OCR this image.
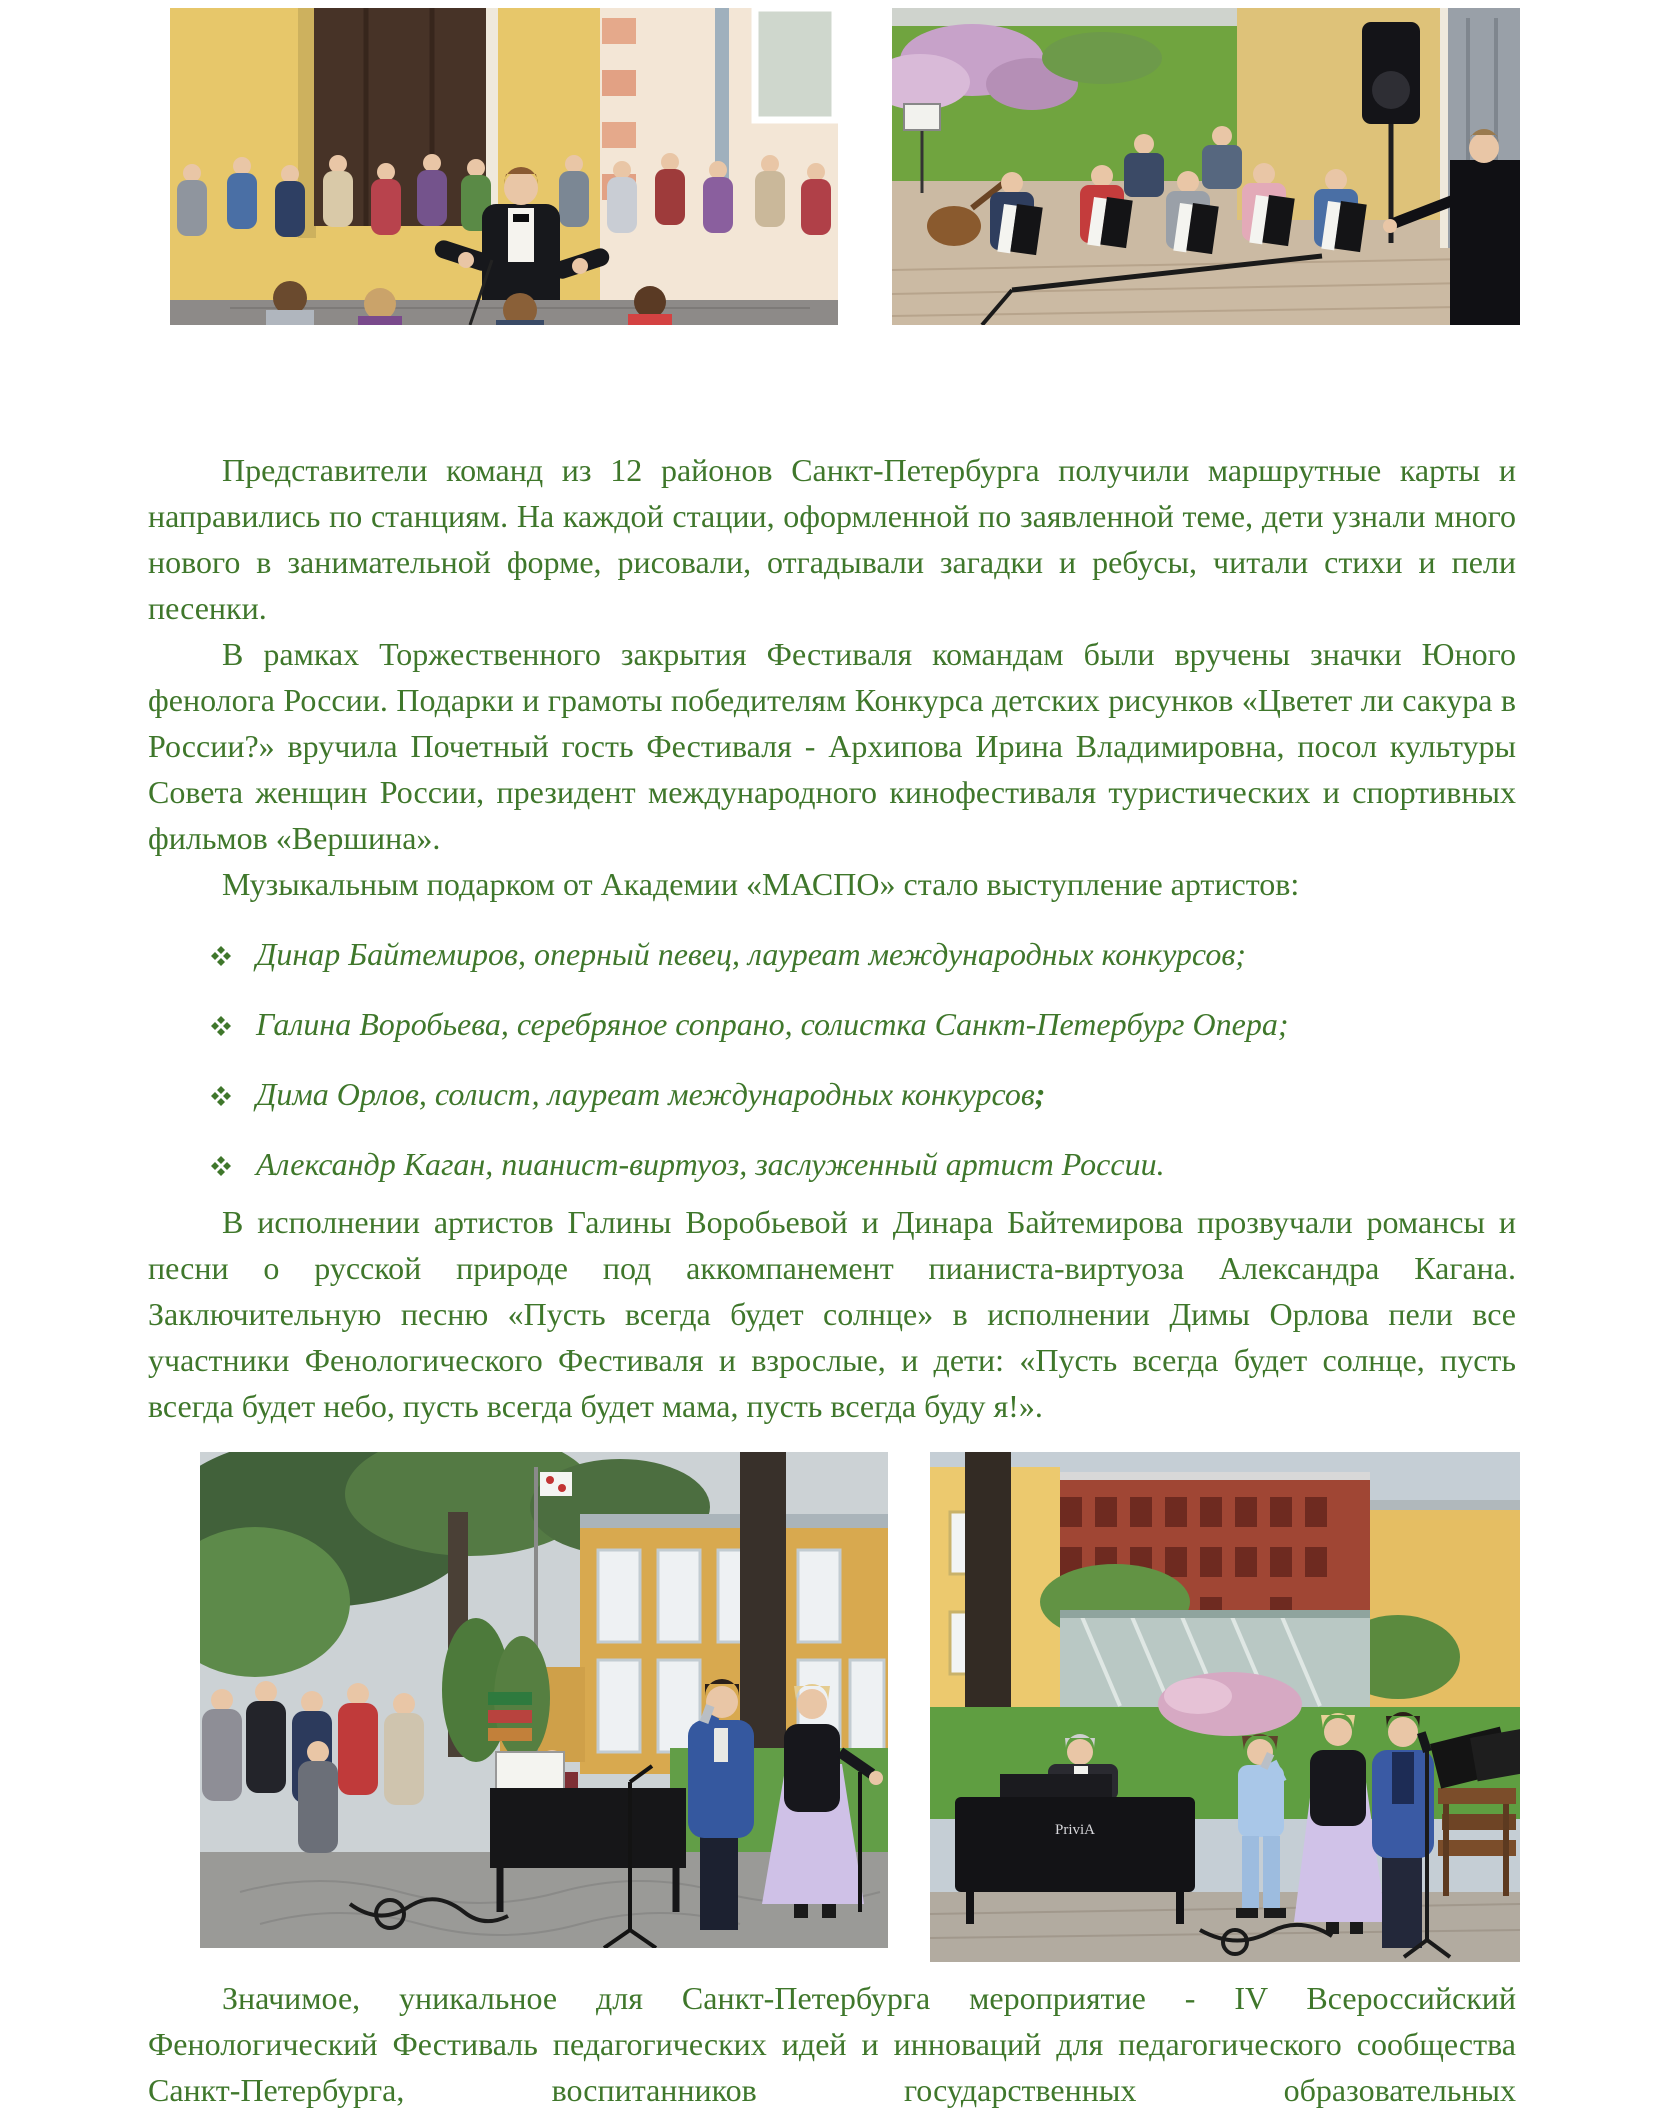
Представители команд из 12 районов Санкт-Петербурга получили маршрутные карты и направились по станциям. На каждой стации, оформленной по заявленной теме, дети узнали много нового в занимательной форме, рисовали, отгадывали загадки и ребусы, читали стихи и пели песенки.

В рамках Торжественного закрытия Фестиваля командам были вручены значки Юного фенолога России. Подарки и грамоты победителям Конкурса детских рисунков «Цветет ли сакура в России?» вручила Почетный гость Фестиваля - Архипова Ирина Владимировна, посол культуры Совета женщин России, президент международного кинофестиваля туристических и спортивных фильмов «Вершина».

Музыкальным подарком от Академии «МАСПО» стало выступление артистов:

Динар Байтемиров, оперный певец, лауреат международных конкурсов;
Галина Воробьева, серебряное сопрано, солистка Санкт-Петербург Опера;
Дима Орлов, солист, лауреат международных конкурсов ;
Александр Каган, пианист-виртуоз, заслуженный артист России.

В исполнении артистов Галины Воробьевой и Динара Байтемирова прозвучали романсы и песни о русской природе под аккомпанемент пианиста-виртуоза Александра Кагана. Заключительную песню «Пусть всегда будет солнце» в исполнении Димы Орлова пели все участники Фенологического Фестиваля и взрослые, и дети: «Пусть всегда будет солнце, пусть всегда будет небо, пусть всегда будет мама, пусть всегда буду я!».

PriviA

Значимое, уникальное для Санкт-Петербурга мероприятие - IV Всероссийский Фенологический Фестиваль педагогических идей и инноваций для педагогического сообщества Санкт-Петербурга, воспитанников государственных образовательных
